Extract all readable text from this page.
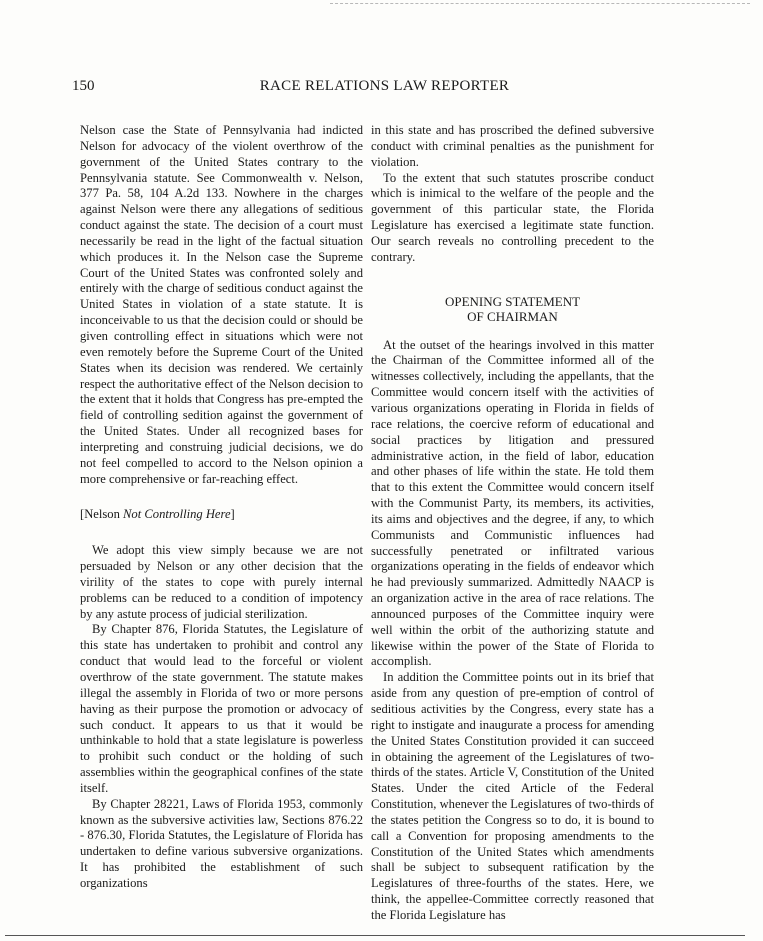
150	RACE RELATIONS LAW REPORTER

Nelson case the State of Pennsylvania had indicted Nelson for advocacy of the violent overthrow of the government of the United States contrary to the Pennsylvania statute. See Commonwealth v. Nelson, 377 Pa. 58, 104 A.2d 133. Nowhere in the charges against Nelson were there any allegations of seditious conduct against the state. The decision of a court must necessarily be read in the light of the factual situation which produces it. In the Nelson case the Supreme Court of the United States was confronted solely and entirely with the charge of seditious conduct against the United States in violation of a state statute. It is inconceivable to us that the decision could or should be given controlling effect in situations which were not even remotely before the Supreme Court of the United States when its decision was rendered. We certainly respect the authoritative effect of the Nelson decision to the extent that it holds that Congress has pre-empted the field of controlling sedition against the government of the United States. Under all recognized bases for interpreting and construing judicial decisions, we do not feel compelled to accord to the Nelson opinion a more comprehensive or far-reaching effect.

[Nelson Not Controlling Here]

We adopt this view simply because we are not persuaded by Nelson or any other decision that the virility of the states to cope with purely internal problems can be reduced to a condition of impotency by any astute process of judicial sterilization.

By Chapter 876, Florida Statutes, the Legislature of this state has undertaken to prohibit and control any conduct that would lead to the forceful or violent overthrow of the state government. The statute makes illegal the assembly in Florida of two or more persons having as their purpose the promotion or advocacy of such conduct. It appears to us that it would be unthinkable to hold that a state legislature is powerless to prohibit such conduct or the holding of such assemblies within the geographical confines of the state itself.

By Chapter 28221, Laws of Florida 1953, commonly known as the subversive activities law, Sections 876.22 - 876.30, Florida Statutes, the Legislature of Florida has undertaken to define various subversive organizations. It has prohibited the establishment of such organizations

in this state and has proscribed the defined subversive conduct with criminal penalties as the punishment for violation.

To the extent that such statutes proscribe conduct which is inimical to the welfare of the people and the government of this particular state, the Florida Legislature has exercised a legitimate state function. Our search reveals no controlling precedent to the contrary.

OPENING STATEMENT
OF CHAIRMAN

At the outset of the hearings involved in this matter the Chairman of the Committee informed all of the witnesses collectively, including the appellants, that the Committee would concern itself with the activities of various organizations operating in Florida in fields of race relations, the coercive reform of educational and social practices by litigation and pressured administrative action, in the field of labor, education and other phases of life within the state. He told them that to this extent the Committee would concern itself with the Communist Party, its members, its activities, its aims and objectives and the degree, if any, to which Communists and Communistic influences had successfully penetrated or infiltrated various organizations operating in the fields of endeavor which he had previously summarized. Admittedly NAACP is an organization active in the area of race relations. The announced purposes of the Committee inquiry were well within the orbit of the authorizing statute and likewise within the power of the State of Florida to accomplish.

In addition the Committee points out in its brief that aside from any question of pre-emption of control of seditious activities by the Congress, every state has a right to instigate and inaugurate a process for amending the United States Constitution provided it can succeed in obtaining the agreement of the Legislatures of two-thirds of the states. Article V, Constitution of the United States. Under the cited Article of the Federal Constitution, whenever the Legislatures of two-thirds of the states petition the Congress so to do, it is bound to call a Convention for proposing amendments to the Constitution of the United States which amendments shall be subject to subsequent ratification by the Legislatures of three-fourths of the states. Here, we think, the appellee-Committee correctly reasoned that the Florida Legislature has
